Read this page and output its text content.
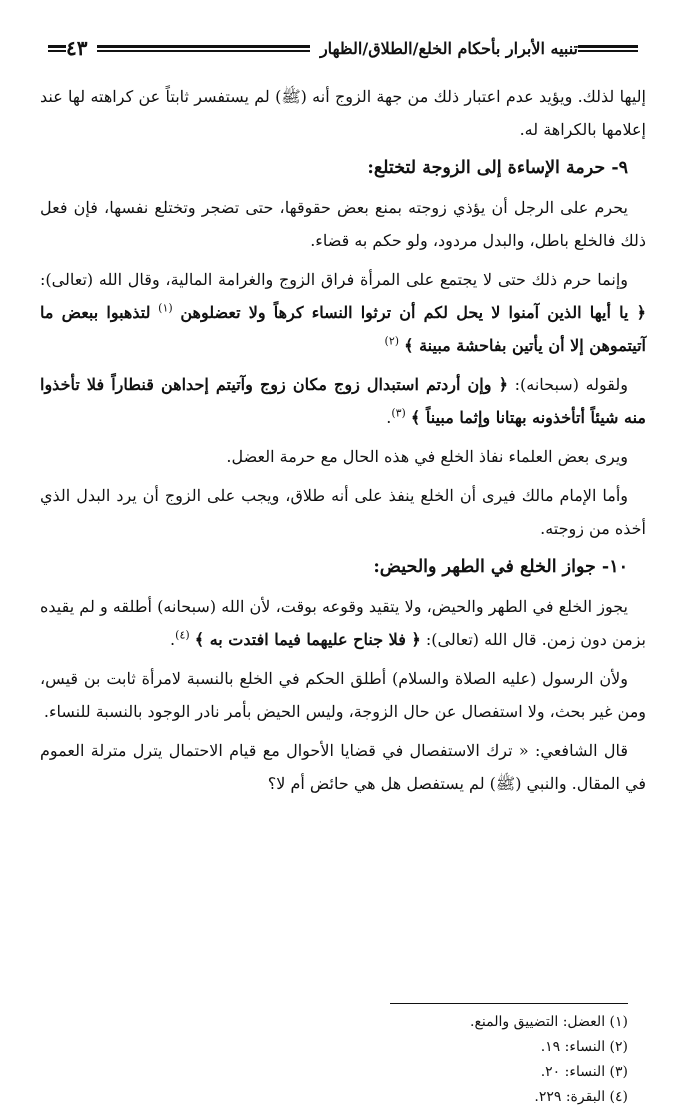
تنبيه الأبرار بأحكام الخلع/الطلاق/الظهار
٤٣

إليها لذلك. ويؤيد عدم اعتبار ذلك من جهة الزوج أنه (ﷺ) لم يستفسر ثابتاً عن كراهته لها عند إعلامها بالكراهة له.

٩- حرمة الإساءة إلى الزوجة لتختلع:

يحرم على الرجل أن يؤذي زوجته بمنع بعض حقوقها، حتى تضجر وتختلع نفسها، فإن فعل ذلك فالخلع باطل، والبدل مردود، ولو حكم به قضاء.

وإنما حرم ذلك حتى لا يجتمع على المرأة فراق الزوج والغرامة المالية، وقال الله (تعالى): ﴿ يا أيها الذين آمنوا لا يحل لكم أن ترثوا النساء كرهاً ولا تعضلوهن $^{(١)}$ لتذهبوا ببعض ما آتيتموهن إلا أن يأتين بفاحشة مبينة ﴾ $^{(٢)}$

ولقوله (سبحانه): ﴿ وإن أردتم استبدال زوج مكان زوج وآتيتم إحداهن قنطاراً فلا تأخذوا منه شيئاً أتأخذونه بهتانا وإثما مبيناً ﴾ $^{(٣)}$.

ويرى بعض العلماء نفاذ الخلع في هذه الحال مع حرمة العضل.

وأما الإمام مالك فيرى أن الخلع ينفذ على أنه طلاق، ويجب على الزوج أن يرد البدل الذي أخذه من زوجته.

١٠- جواز الخلع في الطهر والحيض:

يجوز الخلع في الطهر والحيض، ولا يتقيد وقوعه بوقت، لأن الله (سبحانه) أطلقه و لم يقيده بزمن دون زمن. قال الله (تعالى): ﴿ فلا جناح عليهما فيما افتدت به ﴾ $^{(٤)}$.

ولأن الرسول (عليه الصلاة والسلام) أطلق الحكم في الخلع بالنسبة لامرأة ثابت بن قيس، ومن غير بحث، ولا استفصال عن حال الزوجة، وليس الحيض بأمر نادر الوجود بالنسبة للنساء.

قال الشافعي: « ترك الاستفصال في قضايا الأحوال مع قيام الاحتمال يترل مترلة العموم في المقال. والنبي (ﷺ) لم يستفصل هل هي حائض أم لا؟

(١) العضل: التضييق والمنع.
(٢) النساء: ١٩.
(٣) النساء: ٢٠.
(٤) البقرة: ٢٢٩.
